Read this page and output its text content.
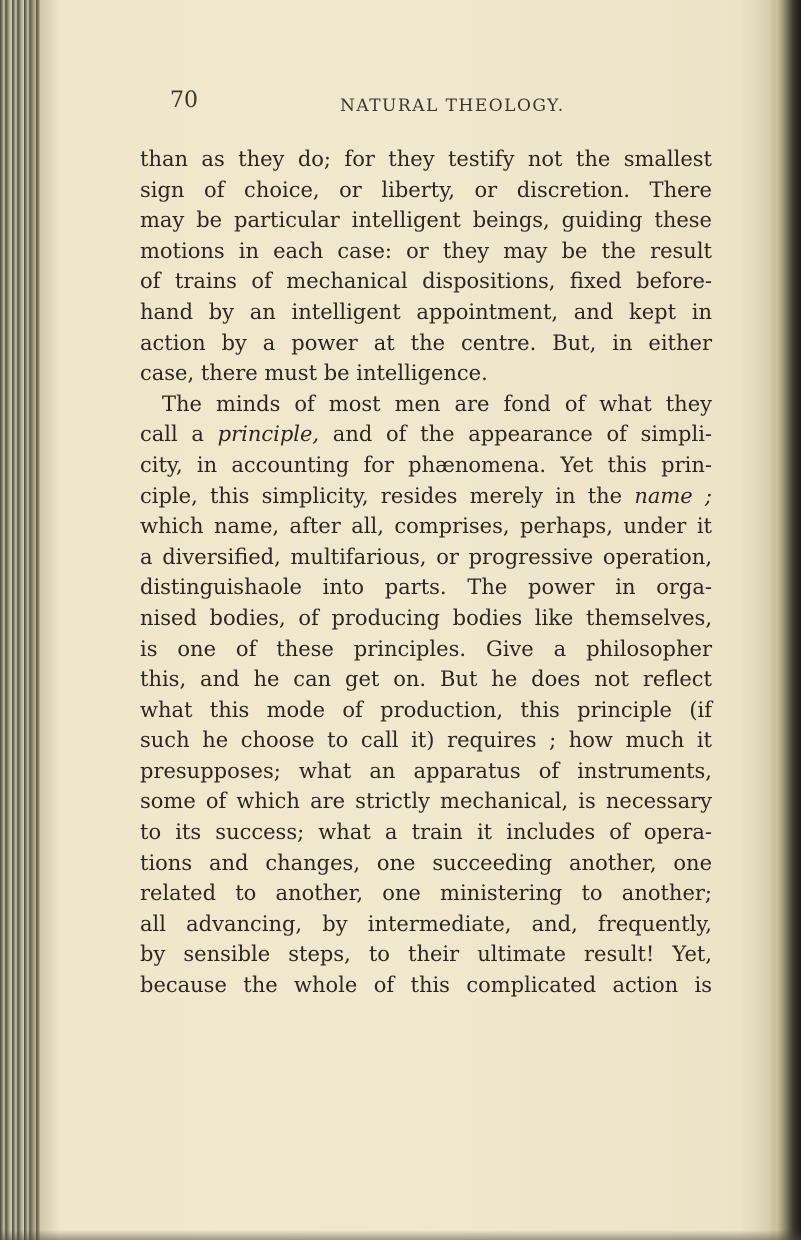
70	NATURAL THEOLOGY.
than as they do; for they testify not the smallest
sign of choice, or liberty, or discretion. There
may be particular intelligent beings, guiding these
motions in each case: or they may be the result
of trains of mechanical dispositions, fixed before-
hand by an intelligent appointment, and kept in
action by a power at the centre. But, in either
case, there must be intelligence.
The minds of most men are fond of what they
call a principle, and of the appearance of simpli-
city, in accounting for phænomena. Yet this prin-
ciple, this simplicity, resides merely in the name ;
which name, after all, comprises, perhaps, under it
a diversified, multifarious, or progressive operation,
distinguishaole into parts. The power in orga-
nised bodies, of producing bodies like themselves,
is one of these principles. Give a philosopher
this, and he can get on. But he does not reflect
what this mode of production, this principle (if
such he choose to call it) requires ; how much it
presupposes; what an apparatus of instruments,
some of which are strictly mechanical, is necessary
to its success; what a train it includes of opera-
tions and changes, one succeeding another, one
related to another, one ministering to another;
all advancing, by intermediate, and, frequently,
by sensible steps, to their ultimate result! Yet,
because the whole of this complicated action is
